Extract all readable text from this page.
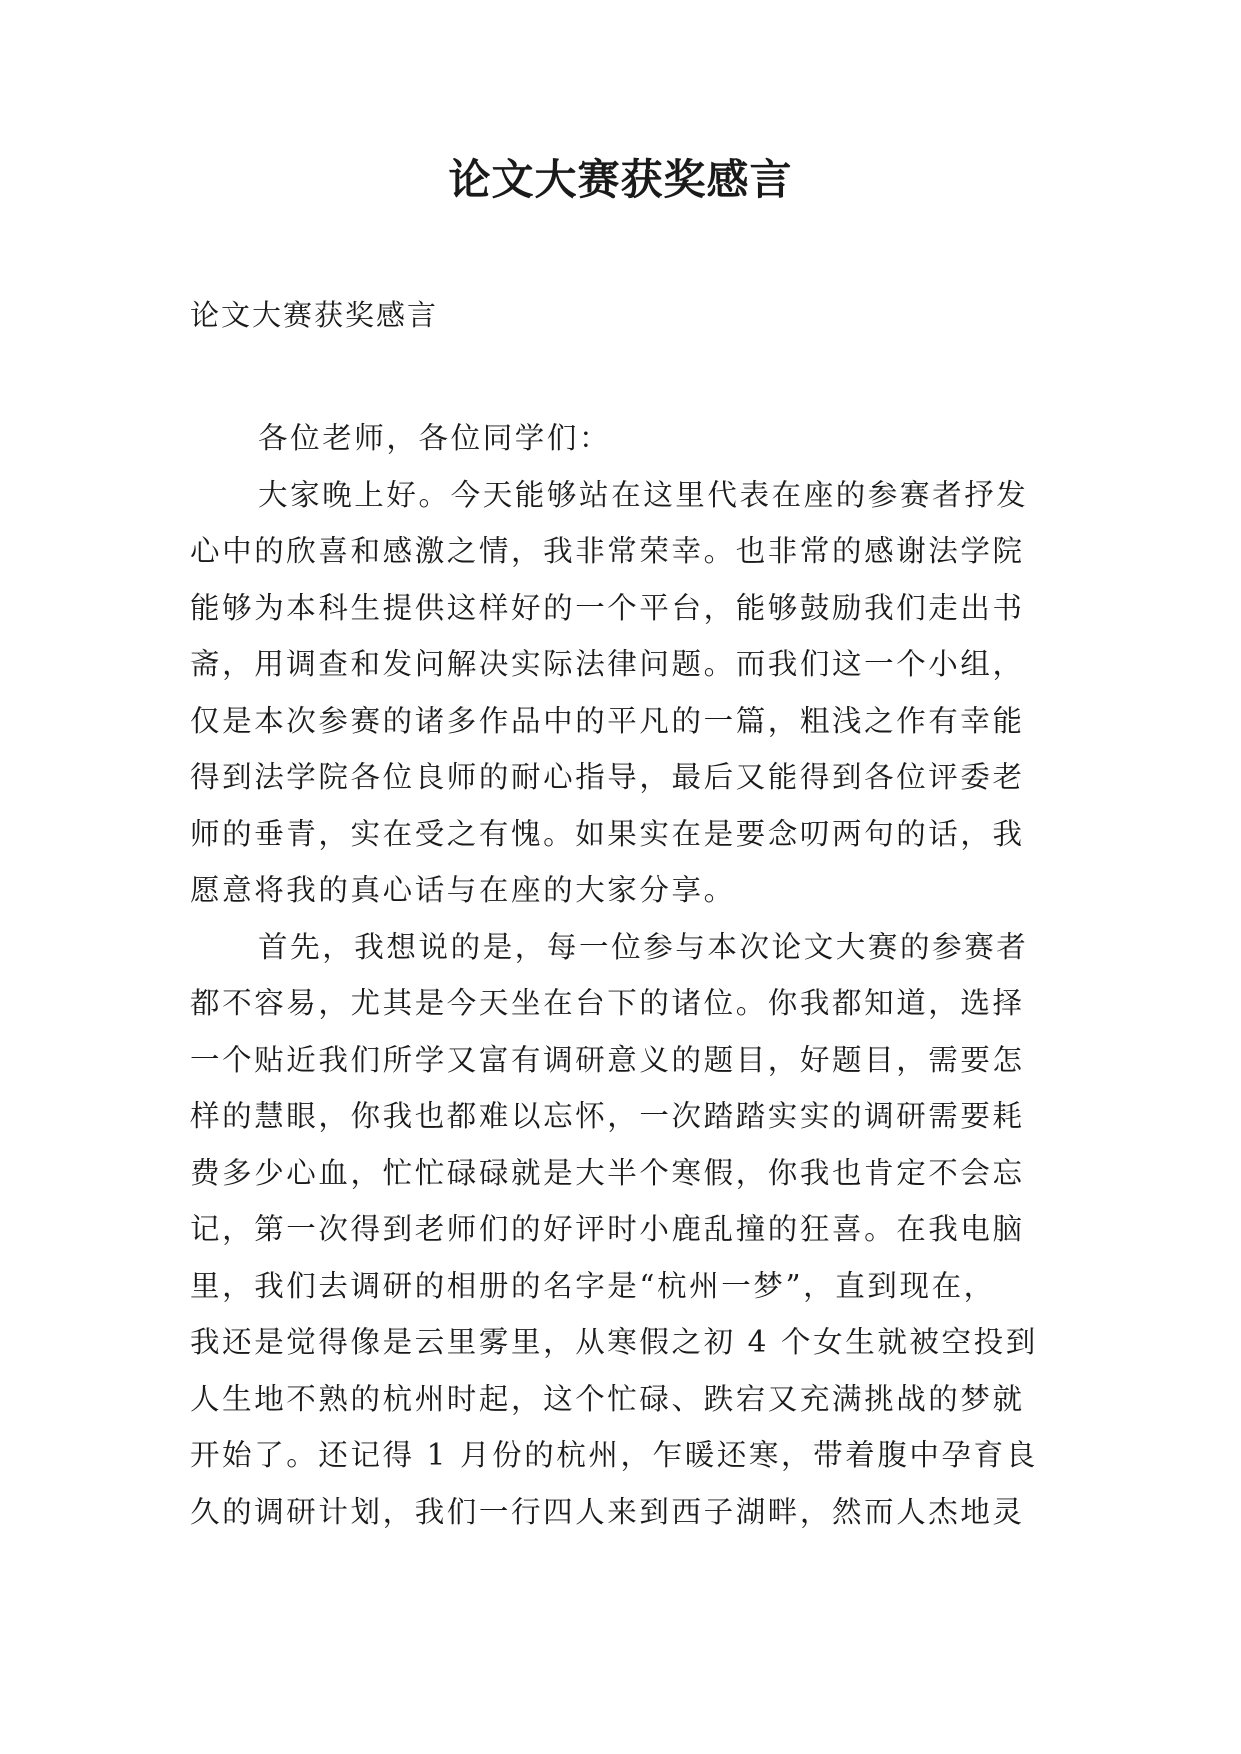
论文大赛获奖感言

论文大赛获奖感言

各位老师，各位同学们：
大家晚上好。今天能够站在这里代表在座的参赛者抒发
心中的欣喜和感激之情，我非常荣幸。也非常的感谢法学院
能够为本科生提供这样好的一个平台，能够鼓励我们走出书
斋，用调查和发问解决实际法律问题。而我们这一个小组，
仅是本次参赛的诸多作品中的平凡的一篇，粗浅之作有幸能
得到法学院各位良师的耐心指导，最后又能得到各位评委老
师的垂青，实在受之有愧。如果实在是要念叨两句的话，我
愿意将我的真心话与在座的大家分享。
首先，我想说的是，每一位参与本次论文大赛的参赛者
都不容易，尤其是今天坐在台下的诸位。你我都知道，选择
一个贴近我们所学又富有调研意义的题目，好题目，需要怎
样的慧眼，你我也都难以忘怀，一次踏踏实实的调研需要耗
费多少心血，忙忙碌碌就是大半个寒假，你我也肯定不会忘
记，第一次得到老师们的好评时小鹿乱撞的狂喜。在我电脑
里，我们去调研的相册的名字是“杭州一梦”，直到现在，
我还是觉得像是云里雾里，从寒假之初 4 个女生就被空投到
人生地不熟的杭州时起，这个忙碌、跌宕又充满挑战的梦就
开始了。还记得 1 月份的杭州，乍暖还寒，带着腹中孕育良
久的调研计划，我们一行四人来到西子湖畔，然而人杰地灵
